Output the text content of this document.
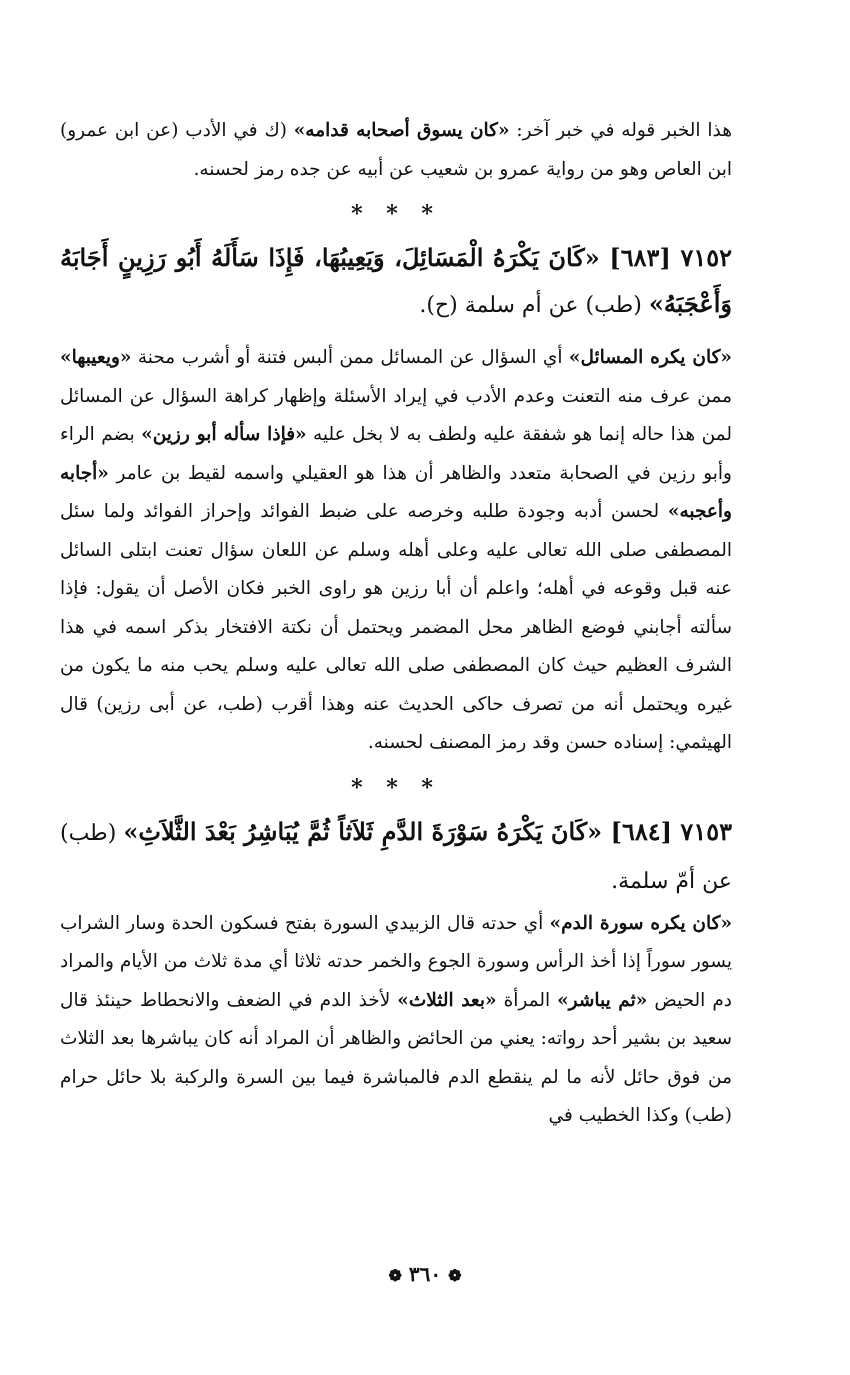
هذا الخبر قوله في خبر آخر: «كان يسوق أصحابه قدامه» (ك في الأدب (عن ابن عمرو) ابن العاص وهو من رواية عمرو بن شعيب عن أبيه عن جده رمز لحسنه.

* * *

٧١٥٢ [٦٨٣] «كَانَ يَكْرَهُ الْمَسَائِلَ، وَيَعِيبُهَا، فَإِذَا سَأَلَهُ أَبُو رَزِينٍ أَجَابَهُ وَأَعْجَبَهُ» (طب) عن أم سلمة (ح).

«كان يكره المسائل» أي السؤال عن المسائل ممن ألبس فتنة أو أشرب محنة «ويعيبها» ممن عرف منه التعنت وعدم الأدب في إيراد الأسئلة وإظهار كراهة السؤال عن المسائل لمن هذا حاله إنما هو شفقة عليه ولطف به لا بخل عليه «فإذا سأله أبو رزين» بضم الراء وأبو رزين في الصحابة متعدد والظاهر أن هذا هو العقيلي واسمه لقيط بن عامر «أجابه وأعجبه» لحسن أدبه وجودة طلبه وخرصه على ضبط الفوائد وإحراز الفوائد ولما سئل المصطفى صلى الله تعالى عليه وعلى أهله وسلم عن اللعان سؤال تعنت ابتلى السائل عنه قبل وقوعه في أهله؛ واعلم أن أبا رزين هو راوى الخبر فكان الأصل أن يقول: فإذا سألته أجابني فوضع الظاهر محل المضمر ويحتمل أن نكتة الافتخار بذكر اسمه في هذا الشرف العظيم حيث كان المصطفى صلى الله تعالى عليه وسلم يحب منه ما يكون من غيره ويحتمل أنه من تصرف حاكى الحديث عنه وهذا أقرب (طب، عن أبى رزين) قال الهيثمي: إسناده حسن وقد رمز المصنف لحسنه.

* * *

٧١٥٣ [٦٨٤] «كَانَ يَكْرَهُ سَوْرَةَ الدَّمِ ثَلاَثاً ثُمَّ يُبَاشِرُ بَعْدَ الثَّلاَثِ» (طب) عن أمّ سلمة.

«كان يكره سورة الدم» أي حدته قال الزبيدي السورة بفتح فسكون الحدة وسار الشراب يسور سوراً إذا أخذ الرأس وسورة الجوع والخمر حدته ثلاثا أي مدة ثلاث من الأيام والمراد دم الحيض «ثم يباشر» المرأة «بعد الثلاث» لأخذ الدم في الضعف والانحطاط حينئذ قال سعيد بن بشير أحد رواته: يعني من الحائض والظاهر أن المراد أنه كان يباشرها بعد الثلاث من فوق حائل لأنه ما لم ينقطع الدم فالمباشرة فيما بين السرة والركبة بلا حائل حرام (طب) وكذا الخطيب في

❁ ٣٦٠ ❁
